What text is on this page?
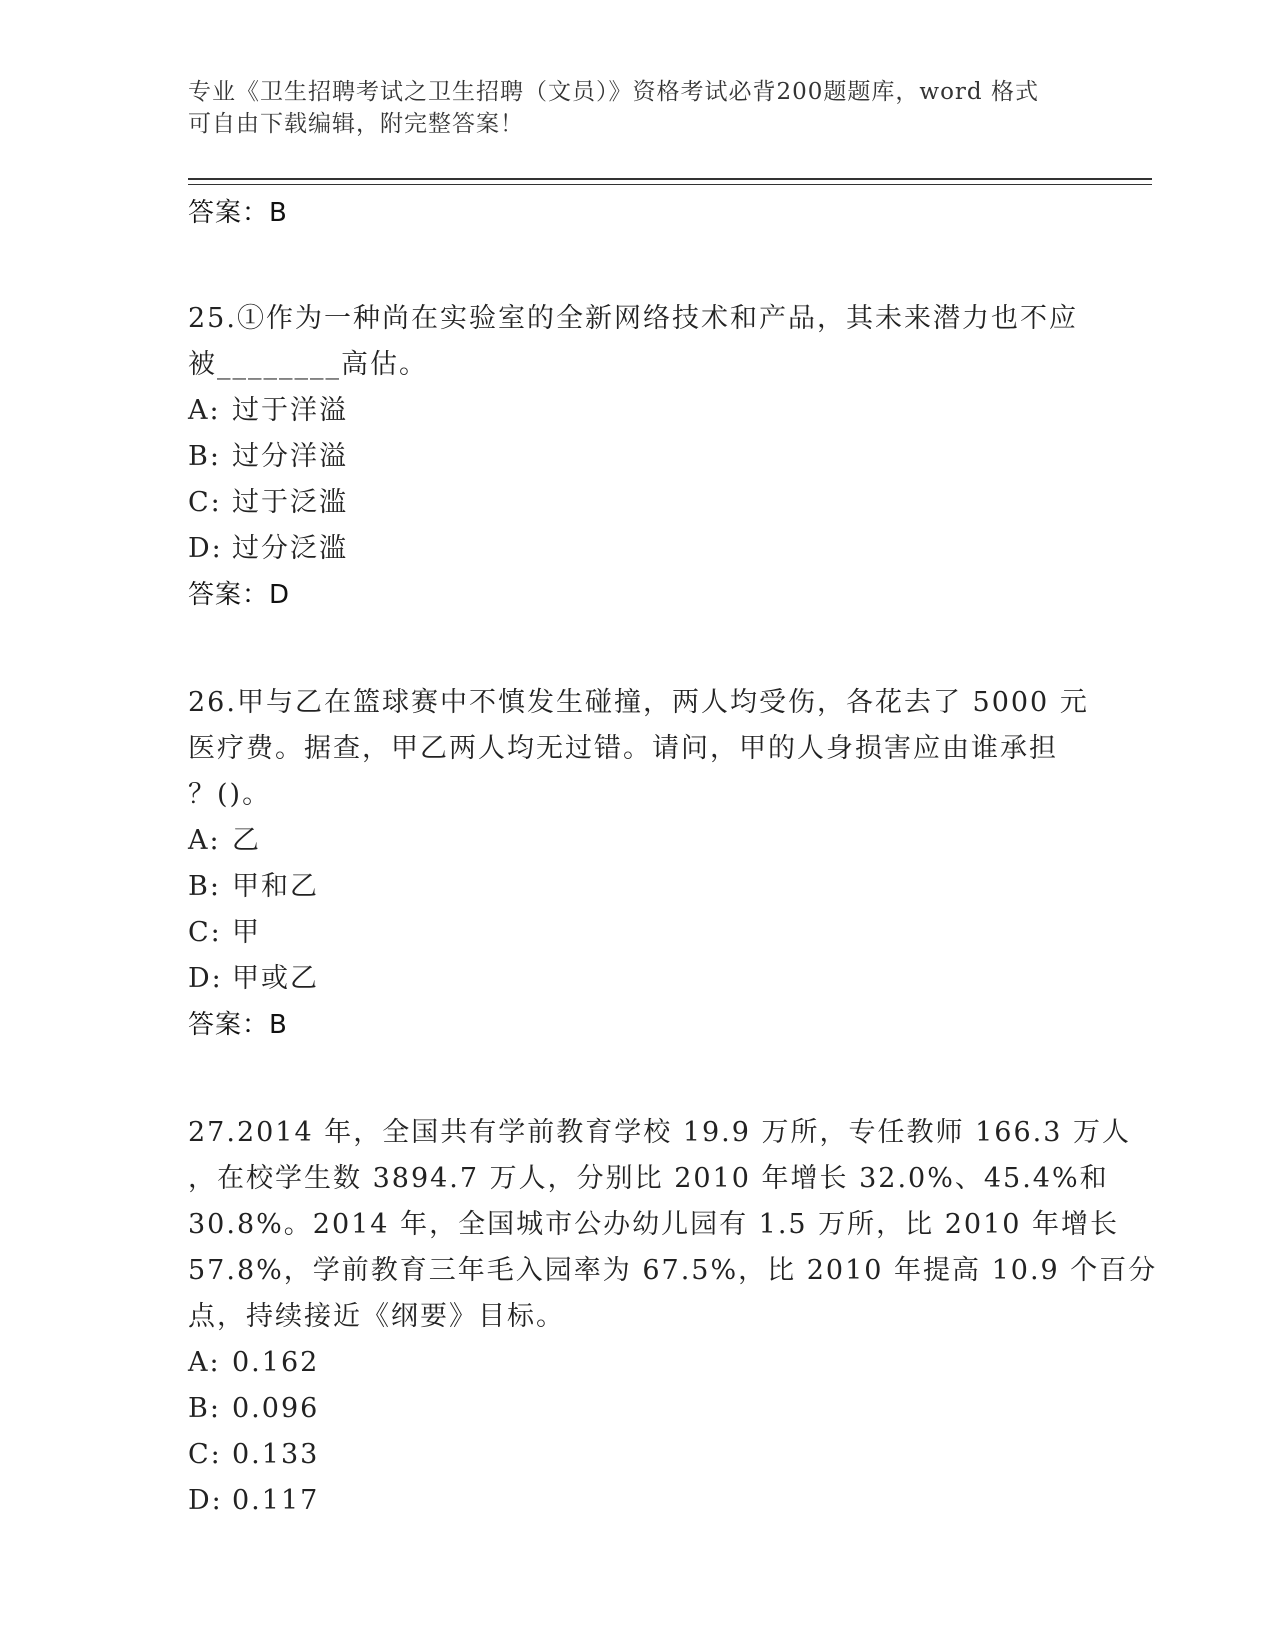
专业《卫生招聘考试之卫生招聘（文员）》资格考试必背200题题库，word 格式
可自由下载编辑，附完整答案！
答案：B
25.①作为一种尚在实验室的全新网络技术和产品，其未来潜力也不应
被________高估。
A: 过于洋溢
B: 过分洋溢
C: 过于泛滥
D: 过分泛滥
答案：D
26.甲与乙在篮球赛中不慎发生碰撞，两人均受伤，各花去了 5000 元
医疗费。据查，甲乙两人均无过错。请问，甲的人身损害应由谁承担
？()。
A: 乙
B: 甲和乙
C: 甲
D: 甲或乙
答案：B
27.2014 年，全国共有学前教育学校 19.9 万所，专任教师 166.3 万人
，在校学生数 3894.7 万人，分别比 2010 年增长 32.0%、45.4%和
30.8%。2014 年，全国城市公办幼儿园有 1.5 万所，比 2010 年增长
57.8%，学前教育三年毛入园率为 67.5%，比 2010 年提高 10.9 个百分
点，持续接近《纲要》目标。
A: 0.162
B: 0.096
C: 0.133
D: 0.117
